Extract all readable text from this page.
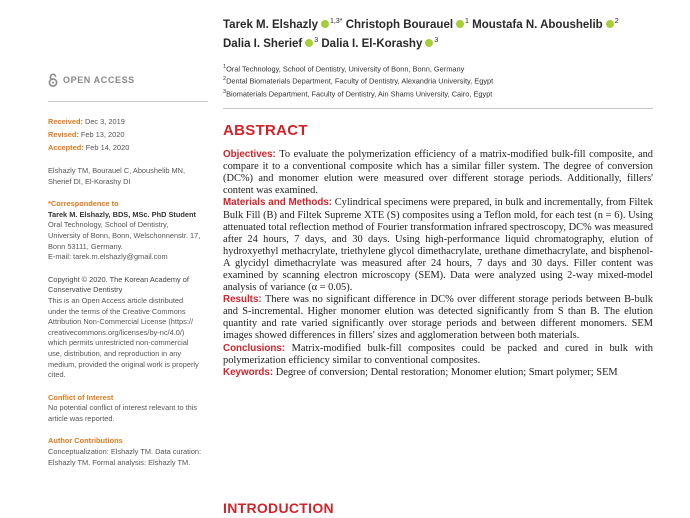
OPEN ACCESS
Received: Dec 3, 2019
Revised: Feb 13, 2020
Accepted: Feb 14, 2020
Elshazly TM, Bourauel C, Aboushelib MN,
Sherief DI, El-Korashy DI
*Correspondence to
Tarek M. Elshazly, BDS, MSc. PhD Student
Oral Technology, School of Dentistry,
University of Bonn, Bonn, Welschonnenstr. 17,
Bonn 53111, Germany.
E-mail: tarek.m.elshazly@gmail.com
Copyright © 2020. The Korean Academy of
Conservative Dentistry
This is an Open Access article distributed
under the terms of the Creative Commons
Attribution Non-Commercial License (https://
creativecommons.org/licenses/by-nc/4.0/)
which permits unrestricted non-commercial
use, distribution, and reproduction in any
medium, provided the original work is properly
cited.
Conflict of Interest
No potential conflict of interest relevant to this
article was reported.
Author Contributions
Conceptualization: Elshazly TM. Data curation:
Elshazly TM. Formal analysis: Elshazly TM.
Tarek M. Elshazly $^{1,3*}$ Christoph Bourauel $^1$ Moustafa N. Aboushelib $^2$
Dalia I. Sherief $^3$ Dalia I. El-Korashy $^3$
$^1$Oral Technology, School of Dentistry, University of Bonn, Bonn, Germany
$^2$Dental Biomaterials Department, Faculty of Dentistry, Alexandria University, Egypt
$^3$Biomaterials Department, Faculty of Dentistry, Ain Shams University, Cairo, Egypt
ABSTRACT

Objectives: To evaluate the polymerization efficiency of a matrix-modified bulk-fill composite, and compare it to a conventional composite which has a similar filler system. The degree of conversion (DC%) and monomer elution were measured over different storage periods. Additionally, fillers' content was examined.

Materials and Methods: Cylindrical specimens were prepared, in bulk and incrementally, from Filtek Bulk Fill (B) and Filtek Supreme XTE (S) composites using a Teflon mold, for each test (n = 6). Using attenuated total reflection method of Fourier transformation infrared spectroscopy, DC% was measured after 24 hours, 7 days, and 30 days. Using high-performance liquid chromatography, elution of hydroxyethyl methacrylate, triethylene glycol dimethacrylate, urethane dimethacrylate, and bisphenol-A glycidyl dimethacrylate was measured after 24 hours, 7 days and 30 days. Filler content was examined by scanning electron microscopy (SEM). Data were analyzed using 2-way mixed-model analysis of variance (α = 0.05).

Results: There was no significant difference in DC% over different storage periods between B-bulk and S-incremental. Higher monomer elution was detected significantly from S than B. The elution quantity and rate varied significantly over storage periods and between different monomers. SEM images showed differences in fillers' sizes and agglomeration between both materials.

Conclusions: Matrix-modified bulk-fill composites could be packed and cured in bulk with polymerization efficiency similar to conventional composites.

Keywords: Degree of conversion; Dental restoration; Monomer elution; Smart polymer; SEM

INTRODUCTION
